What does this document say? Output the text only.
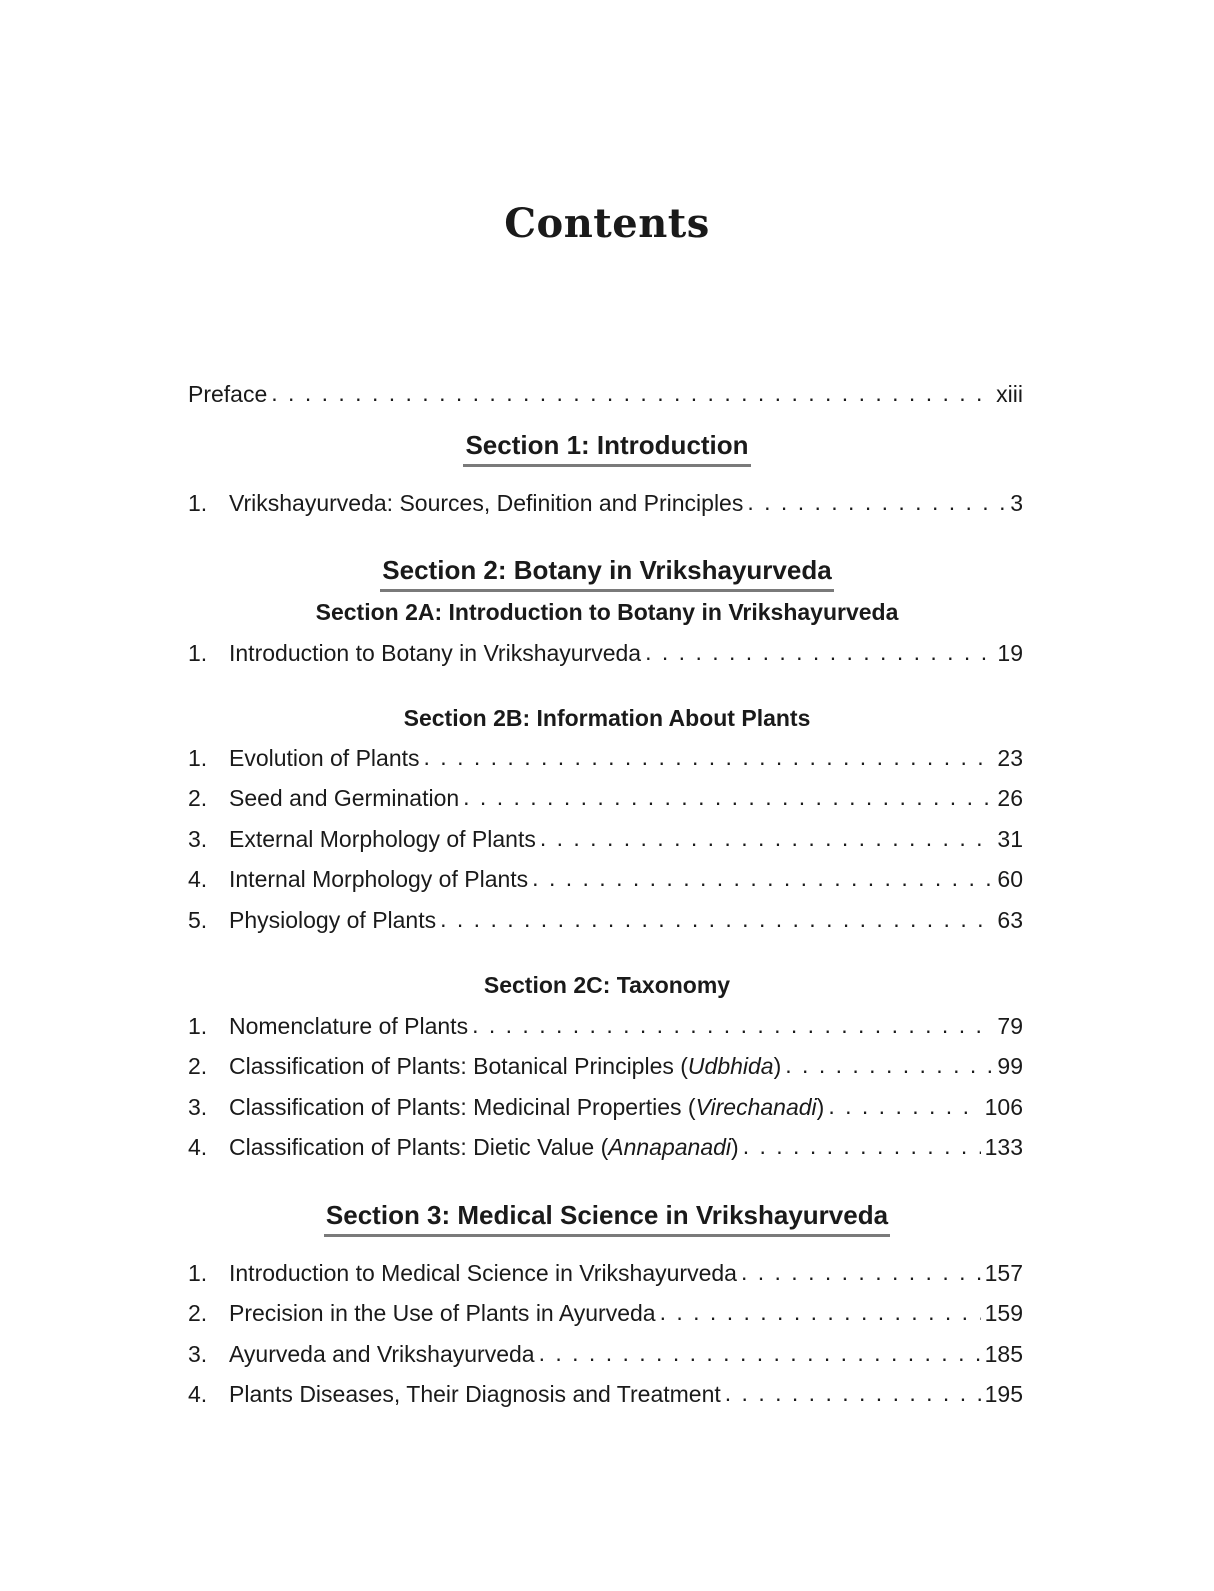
Contents
Preface . . .	xiii
Section 1: Introduction
1. Vrikshayurveda: Sources, Definition and Principles . . .	3
Section 2: Botany in Vrikshayurveda
Section 2A: Introduction to Botany in Vrikshayurveda
1. Introduction to Botany in Vrikshayurveda . . .	19
Section 2B: Information About Plants
1. Evolution of Plants . . .	23
2. Seed and Germination . . .	26
3. External Morphology of Plants . . .	31
4. Internal Morphology of Plants . . .	60
5. Physiology of Plants . . .	63
Section 2C: Taxonomy
1. Nomenclature of Plants . . .	79
2. Classification of Plants: Botanical Principles (Udbhida) . . .	99
3. Classification of Plants: Medicinal Properties (Virechanadi) . . .	106
4. Classification of Plants: Dietic Value (Annapanadi) . . .	133
Section 3: Medical Science in Vrikshayurveda
1. Introduction to Medical Science in Vrikshayurveda . . .	157
2. Precision in the Use of Plants in Ayurveda . . .	159
3. Ayurveda and Vrikshayurveda . . .	185
4. Plants Diseases, Their Diagnosis and Treatment . . .	195
